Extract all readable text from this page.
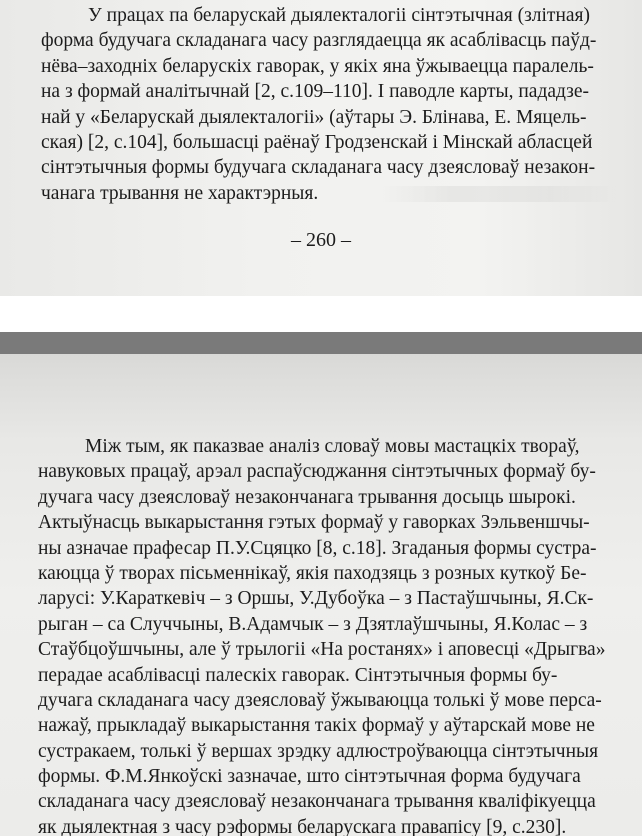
У працах па беларускай дыялекталогіі сінтэтычная (злітная)
форма будучага складанага часу разглядаецца як асаблівасць пaўд-
нёва–заходніх беларускіх гаворак, у якіх яна ўжываецца паралель-
на з формай аналітычнай [2, с.109–110]. І паводле карты, пададзе-
най у «Беларускай дыялекталогіі» (аўтары Э. Блінава, Е. Мяцель-
ская) [2, с.104], большасці раёнаў Гродзенскай і Мінскай абласцей
сінтэтычныя формы будучага складанага часу дзеясловаў незакон-
чанага трывання не характэрныя.
– 260 –
Між тым, як паказвае аналіз словаў мовы мастацкіх твораў,
навуковых працаў, арэал распаўсюджання сінтэтычных формаў бу-
дучага часу дзеясловаў незакончанага трывання досыць шырокі.
Актыўнасць выкарыстання гэтых формаў у гаворках Зэльвеншчы-
ны азначае прафесар П.У.Сцяцко [8, с.18]. Згаданыя формы сустра-
каюцца ў творах пісьменнікаў, якія паходзяць з розных куткоў Бе-
ларусі: У.Караткевіч – з Оршы, У.Дубоўка – з Пастаўшчыны, Я.Ск-
рыган – са Случчыны, В.Адамчык – з Дзятлаўшчыны, Я.Колас – з
Стаўбцоўшчыны, але ў трылогіі «На ростанях» і аповесці «Дрыгва»
перадае асаблівасці палескіх гаворак. Сінтэтычныя формы бу-
дучага складанага часу дзеясловаў ўжываюцца толькі ў мове персa-
нажаў, прыкладаў выкарыстання такіх формаў у аўтарскай мове не
сустракаем, толькі ў вершах зрэдку адлюстроўваюцца сінтэтычныя
формы. Ф.М.Янкоўскі зазначае, што сінтэтычная форма будучага
складанага часу дзеясловаў незакончанага трывання кваліфікуецца
як дыялектная з часу рэформы беларускага правапісу [9, с.230].
